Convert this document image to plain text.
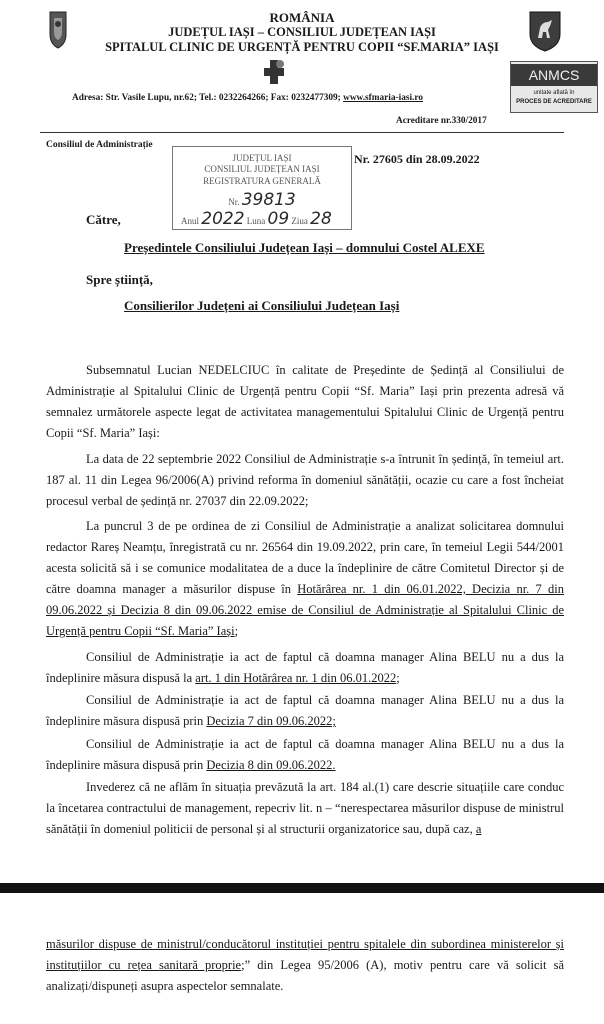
ROMÂNIA
JUDEȚUL IAȘI – CONSILIUL JUDEȚEAN IAȘI
SPITALUL CLINIC DE URGENȚĂ PENTRU COPII “SF.MARIA” IAȘI
ANMCS
unitate aflată în
PROCES DE ACREDITARE
Adresa: Str. Vasile Lupu, nr.62; Tel.: 0232264266; Fax: 0232477309; www.sfmaria-iasi.ro
Acreditare nr.330/2017
Consiliul de Administrație
JUDEȚUL IAȘI
CONSILIUL JUDEȚEAN IAȘI
REGISTRATURA GENERALĂ
Nr. 39813
Anul 2022 Luna 09 Ziua 28
Nr. 27605 din 28.09.2022
Către,
Președintele Consiliului Județean Iași – domnului Costel ALEXE
Spre știință,
Consilierilor Județeni ai Consiliului Județean Iași
Subsemnatul Lucian NEDELCIUC în calitate de Președinte de Ședință al Consiliului de
Administrație al Spitalului Clinic de Urgență pentru Copii “Sf. Maria” Iași prin prezenta adresă vă semnalez următorele aspecte legat de activitatea managementului Spitalului Clinic de Urgență pentru Copii “Sf. Maria” Iași:
La data de 22 septembrie 2022 Consiliul de Administrație s-a întrunit în ședință, în temeiul art. 187 al. 11 din Legea 96/2006(A) privind reforma în domeniul sănătății, ocazie cu care a fost încheiat procesul verbal de ședință nr. 27037 din 22.09.2022;
La puncrul 3 de pe ordinea de zi Consiliul de Administrație a analizat solicitarea domnului redactor Rareș Neamțu, înregistrată cu nr. 26564 din 19.09.2022, prin care, în temeiul Legii 544/2001 acesta solicită să i se comunice modalitatea de a duce la îndeplinire de către Comitetul Director și de către doamna manager a măsurilor dispuse în Hotărârea nr. 1 din 06.01.2022, Decizia nr. 7 din 09.06.2022 și Decizia 8 din 09.06.2022 emise de Consiliul de Administrație al Spitalului Clinic de Urgență pentru Copii “Sf. Maria” Iași;
Consiliul de Administrație ia act de faptul că doamna manager Alina BELU nu a dus la îndeplinire măsura dispusă la art. 1 din Hotărârea nr. 1 din 06.01.2022;
Consiliul de Administrație ia act de faptul că doamna manager Alina BELU nu a dus la îndeplinire măsura dispusă prin Decizia 7 din 09.06.2022;
Consiliul de Administrație ia act de faptul că doamna manager Alina BELU nu a dus la îndeplinire măsura dispusă prin Decizia 8 din 09.06.2022.
Invederez că ne aflăm în situația prevăzută la art. 184 al.(1) care descrie situațiile care conduc la încetarea contractului de management, repecriv lit. n – “nerespectarea măsurilor dispuse de ministrul sănătății în domeniul politicii de personal și al structurii organizatorice sau, după caz, a
măsurilor dispuse de ministrul/conducătorul instituției pentru spitalele din subordinea ministerelor și instituțiilor cu rețea sanitară proprie;” din Legea 95/2006 (A), motiv pentru care vă solicit să analizați/dispuneți asupra aspectelor semnalate.
